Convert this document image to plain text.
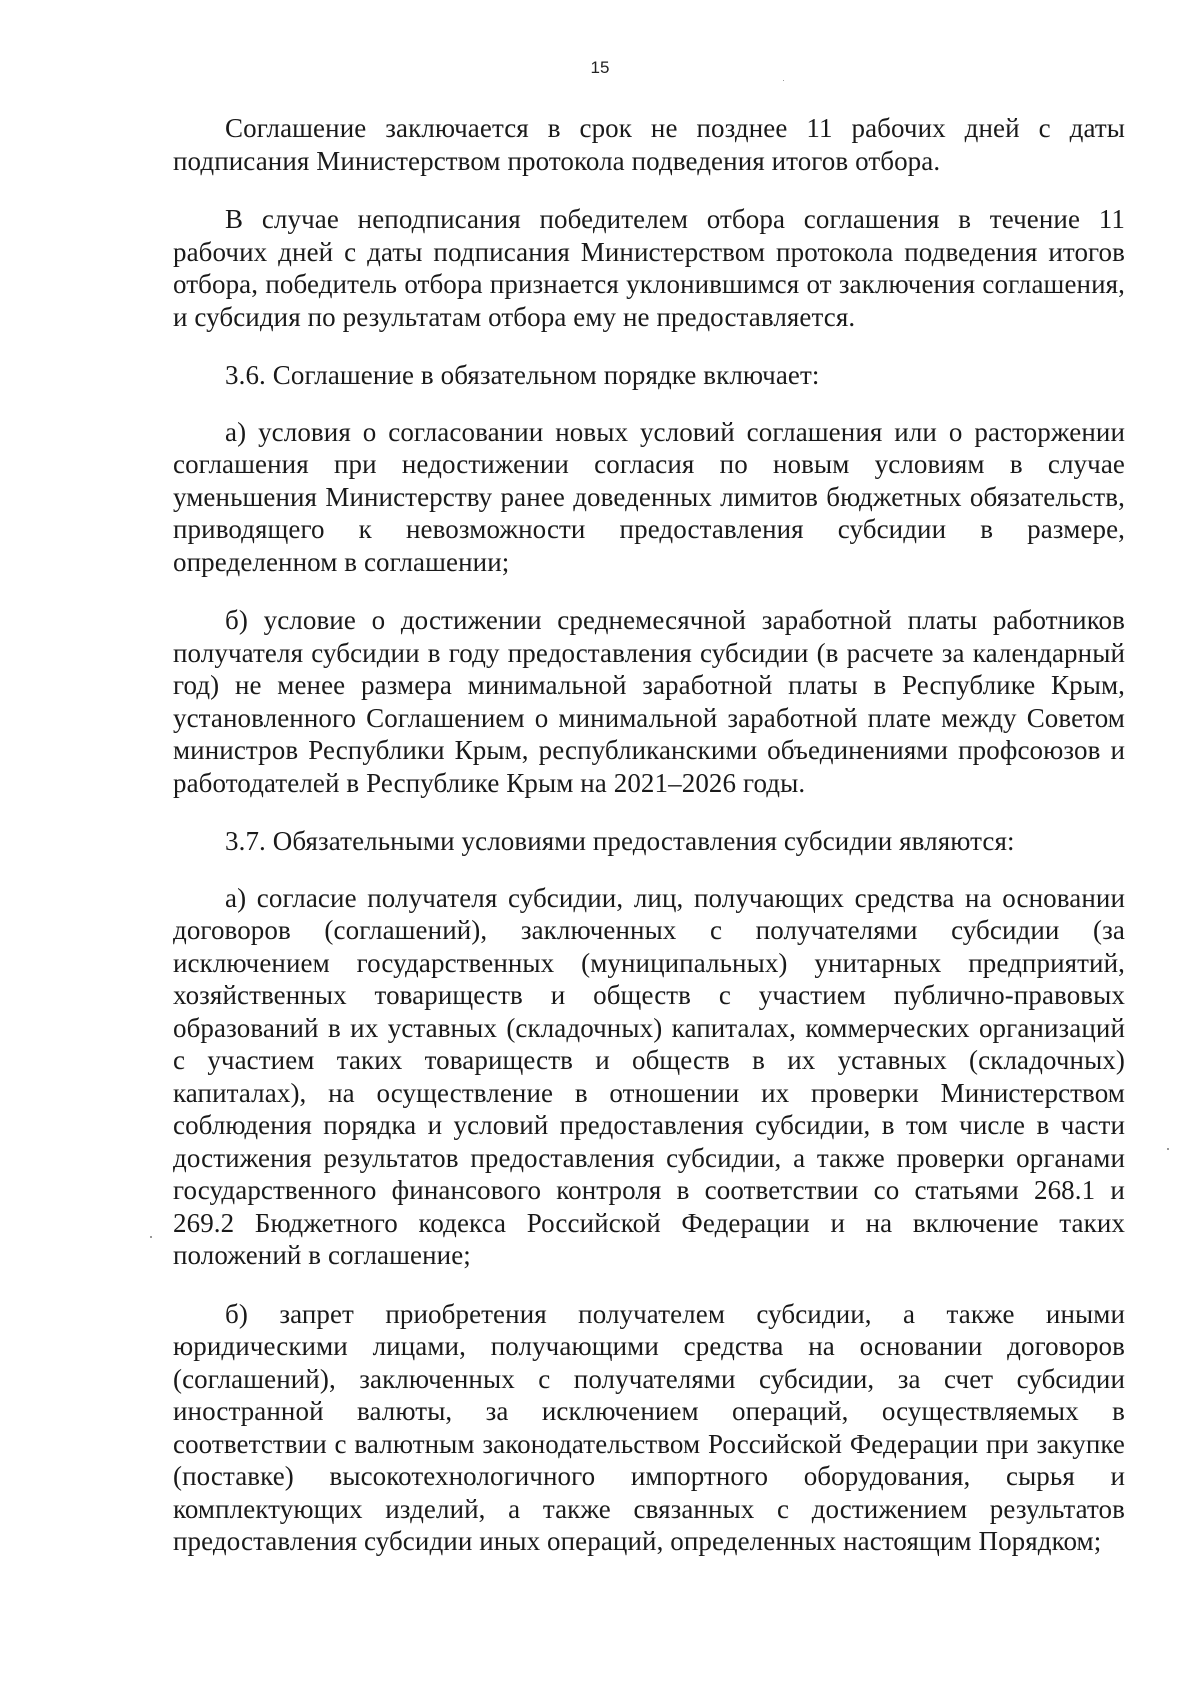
15

Соглашение заключается в срок не позднее 11 рабочих дней с даты подписания Министерством протокола подведения итогов отбора.

В случае неподписания победителем отбора соглашения в течение 11 рабочих дней с даты подписания Министерством протокола подведения итогов отбора, победитель отбора признается уклонившимся от заключения соглашения, и субсидия по результатам отбора ему не предоставляется.

3.6. Соглашение в обязательном порядке включает:

а) условия о согласовании новых условий соглашения или о расторжении соглашения при недостижении согласия по новым условиям в случае уменьшения Министерству ранее доведенных лимитов бюджетных обязательств, приводящего к невозможности предоставления субсидии в размере, определенном в соглашении;

б) условие о достижении среднемесячной заработной платы работников получателя субсидии в году предоставления субсидии (в расчете за календарный год) не менее размера минимальной заработной платы в Республике Крым, установленного Соглашением о минимальной заработной плате между Советом министров Республики Крым, республиканскими объединениями профсоюзов и работодателей в Республике Крым на 2021–2026 годы.

3.7. Обязательными условиями предоставления субсидии являются:

а) согласие получателя субсидии, лиц, получающих средства на основании договоров (соглашений), заключенных с получателями субсидии (за исключением государственных (муниципальных) унитарных предприятий, хозяйственных товариществ и обществ с участием публично-правовых образований в их уставных (складочных) капиталах, коммерческих организаций с участием таких товариществ и обществ в их уставных (складочных) капиталах), на осуществление в отношении их проверки Министерством соблюдения порядка и условий предоставления субсидии, в том числе в части достижения результатов предоставления субсидии, а также проверки органами государственного финансового контроля в соответствии со статьями 268.1 и 269.2 Бюджетного кодекса Российской Федерации и на включение таких положений в соглашение;

б) запрет приобретения получателем субсидии, а также иными юридическими лицами, получающими средства на основании договоров (соглашений), заключенных с получателями субсидии, за счет субсидии иностранной валюты, за исключением операций, осуществляемых в соответствии с валютным законодательством Российской Федерации при закупке (поставке) высокотехнологичного импортного оборудования, сырья и комплектующих изделий, а также связанных с достижением результатов предоставления субсидии иных операций, определенных настоящим Порядком;
